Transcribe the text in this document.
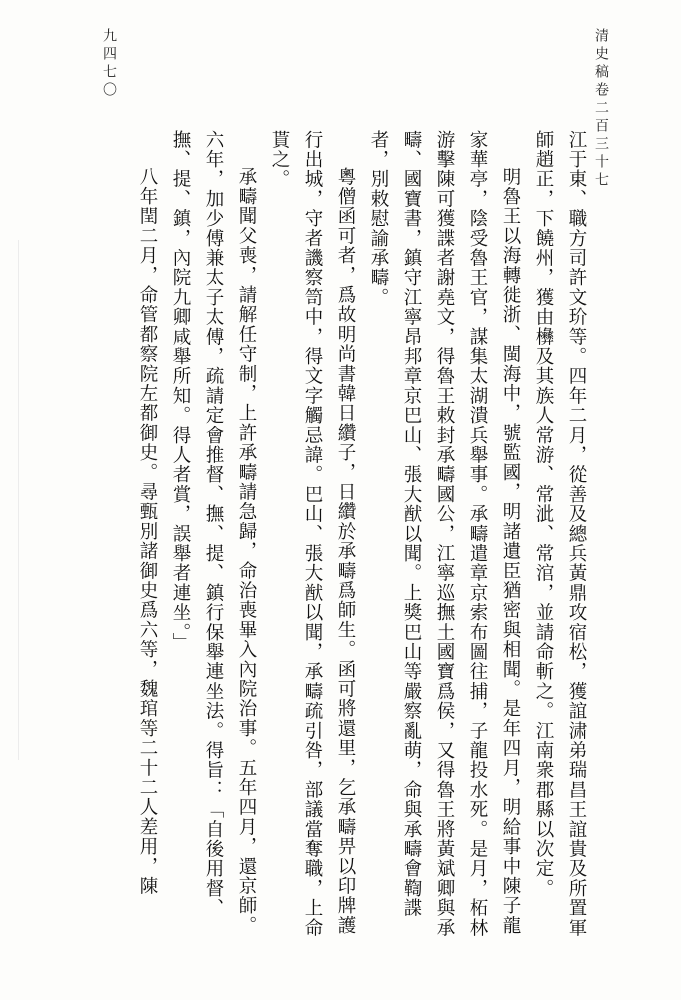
清史稿卷二百三十七
九四七〇

江于東、職方司許文玠等。四年二月，從善及總兵黃鼎攻宿松，獲誼㴋弟瑞昌王誼貴及所置軍師趙正，下饒州，獲由㰘及其族人常游、常泚、常涫，並請命斬之。江南衆郡縣以次定。

明魯王以海轉徙浙、閩海中，號監國，明諸遺臣猶密與相聞。是年四月，明給事中陳子龍家華亭，陰受魯王官，謀集太湖潰兵舉事。承疇遣章京索布圖往捕，子龍投水死。是月，柘林游擊陳可獲諜者謝堯文，得魯王敕封承疇國公，江寧巡撫土國寶爲侯，又得魯王將黃斌卿與承疇、國寶書，鎮守江寧昂邦章京巴山、張大猷以聞。上獎巴山等嚴察亂萌，命與承疇會鞫諜者，別敕慰諭承疇。

粵僧函可者，爲故明尚書韓日纘子，日纘於承疇爲師生。函可將還里，乞承疇畀以印牌護行出城，守者譏察笥中，得文字觸忌諱。巴山、張大猷以聞，承疇疏引咎，部議當奪職，上命貰之。

承疇聞父喪，請解任守制，上許承疇請急歸，命治喪畢入內院治事。五年四月，還京師。六年，加少傅兼太子太傅，疏請定會推督、撫、提、鎮行保舉連坐法。得旨：「自後用督、撫、提、鎮，內院九卿咸舉所知。得人者賞，誤舉者連坐。」

八年閏二月，命管都察院左都御史。尋甄別諸御史爲六等，魏琯等二十二人差用，陳
